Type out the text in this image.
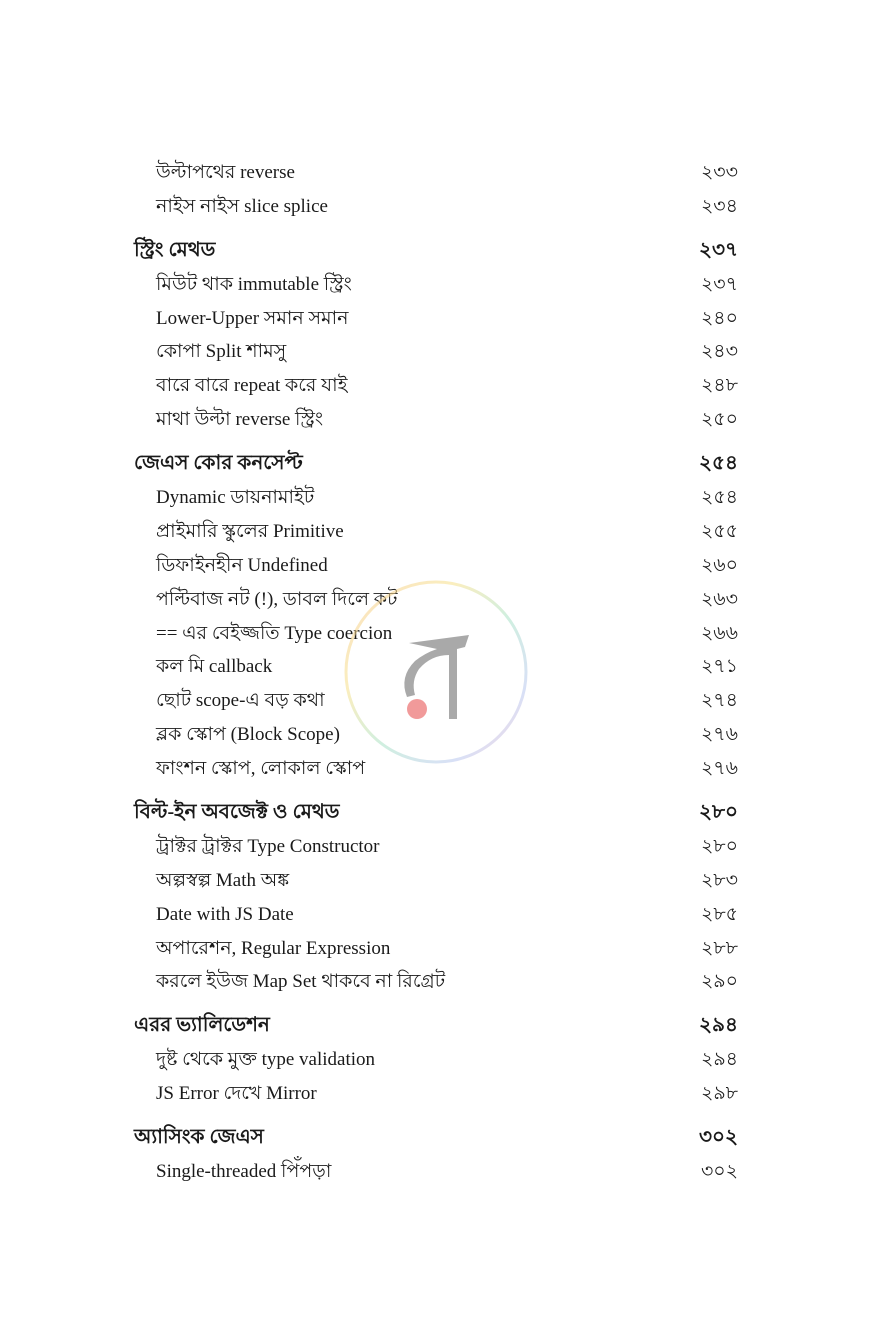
উল্টাপথের reverse	২৩৩
নাইস নাইস slice splice	২৩৪
স্ট্রিং মেথড	২৩৭
মিউট থাক immutable স্ট্রিং	২৩৭
Lower-Upper সমান সমান	২৪০
কোপা Split শামসু	২৪৩
বারে বারে repeat করে যাই	২৪৮
মাথা উল্টা reverse স্ট্রিং	২৫০
জেএস কোর কনসেপ্ট	২৫৪
Dynamic ডায়নামাইট	২৫৪
প্রাইমারি স্কুলের Primitive	২৫৫
ডিফাইনহীন Undefined	২৬০
পল্টিবাজ নট (!), ডাবল দিলে কট	২৬৩
== এর বেইজ্জতি Type coercion	২৬৬
কল মি callback	২৭১
ছোট scope-এ বড় কথা	২৭৪
ব্লক স্কোপ (Block Scope)	২৭৬
ফাংশন স্কোপ, লোকাল স্কোপ	২৭৬
বিল্ট-ইন অবজেক্ট ও মেথড	২৮০
ট্রাক্টর ট্রাক্টর Type Constructor	২৮০
অল্পস্বল্প Math অঙ্ক	২৮৩
Date with JS Date	২৮৫
অপারেশন, Regular Expression	২৮৮
করলে ইউজ Map Set থাকবে না রিগ্রেট	২৯০
এরর ভ্যালিডেশন	২৯৪
দুষ্ট থেকে মুক্ত type validation	২৯৪
JS Error দেখে Mirror	২৯৮
অ্যাসিংক জেএস	৩০২
Single-threaded পিঁপড়া	৩০২
